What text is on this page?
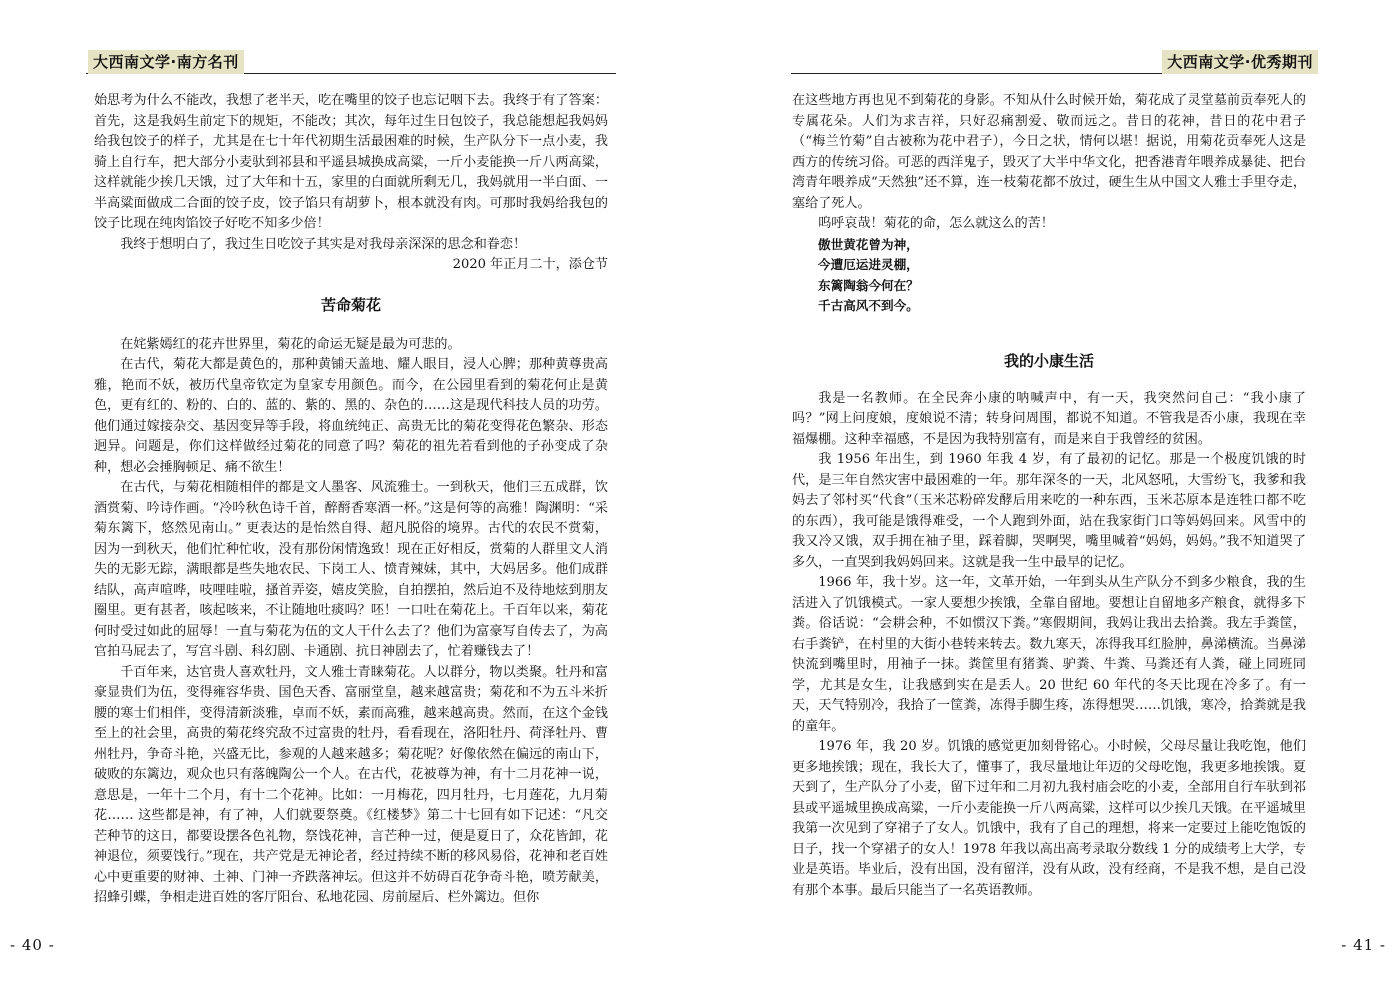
大西南文学·南方名刊

始思考为什么不能改，我想了老半天，吃在嘴里的饺子也忘记咽下去。我终于有了答案：首先，这是我妈生前定下的规矩，不能改；其次，每年过生日包饺子，我总能想起我妈妈给我包饺子的样子，尤其是在七十年代初期生活最困难的时候，生产队分下一点小麦，我骑上自行车，把大部分小麦驮到祁县和平遥县城换成高粱，一斤小麦能换一斤八两高粱，这样就能少挨几天饿，过了大年和十五，家里的白面就所剩无几，我妈就用一半白面、一半高粱面做成二合面的饺子皮，饺子馅只有胡萝卜，根本就没有肉。可那时我妈给我包的饺子比现在纯肉馅饺子好吃不知多少倍！

我终于想明白了，我过生日吃饺子其实是对我母亲深深的思念和眷恋！

2020 年正月二十，添仓节

苦命菊花

在姹紫嫣红的花卉世界里，菊花的命运无疑是最为可悲的。

在古代，菊花大都是黄色的，那种黄铺天盖地、耀人眼目，浸人心脾；那种黄尊贵高雅，艳而不妖，被历代皇帝钦定为皇家专用颜色。而今，在公园里看到的菊花何止是黄色，更有红的、粉的、白的、蓝的、紫的、黑的、杂色的……这是现代科技人员的功劳。他们通过嫁接杂交、基因变异等手段，将血统纯正、高贵无比的菊花变得花色繁杂、形态迥异。问题是，你们这样做经过菊花的同意了吗？菊花的祖先若看到他的子孙变成了杂种，想必会捶胸顿足、痛不欲生！

在古代，与菊花相随相伴的都是文人墨客、风流雅士。一到秋天，他们三五成群，饮酒赏菊、吟诗作画。“冷吟秋色诗千首，醉酹香寒酒一杯。”这是何等的高雅！陶渊明：“采菊东篱下，悠然见南山。” 更表达的是怡然自得、超凡脱俗的境界。古代的农民不赏菊，因为一到秋天，他们忙种忙收，没有那份闲情逸致！现在正好相反，赏菊的人群里文人消失的无影无踪，满眼都是些失地农民、下岗工人、愤青辣妹，其中，大妈居多。他们成群结队，高声喧哗，吱哩哇啦，搔首弄姿，嬉皮笑脸，自拍摆拍，然后迫不及待地炫到朋友圈里。更有甚者，咳起咳来，不让随地吐痰吗？呸！一口吐在菊花上。千百年以来，菊花何时受过如此的屈辱！一直与菊花为伍的文人干什么去了？他们为富豪写自传去了，为高官拍马屁去了，写宫斗剧、科幻剧、卡通剧、抗日神剧去了，忙着赚钱去了！

千百年来，达官贵人喜欢牡丹，文人雅士青睐菊花。人以群分，物以类聚。牡丹和富豪显贵们为伍，变得雍容华贵、国色天香、富丽堂皇，越来越富贵；菊花和不为五斗米折腰的寒士们相伴，变得清新淡雅，卓而不妖，素而高雅，越来越高贵。然而，在这个金钱至上的社会里，高贵的菊花终究敌不过富贵的牡丹，看看现在，洛阳牡丹、荷泽牡丹、曹州牡丹，争奇斗艳，兴盛无比，参观的人越来越多；菊花呢？好像依然在偏远的南山下，破败的东篱边，观众也只有落魄陶公一个人。在古代，花被尊为神，有十二月花神一说，意思是，一年十二个月，有十二个花神。比如：一月梅花，四月牡丹，七月莲花，九月菊花…… 这些都是神，有了神，人们就要祭奠。《红楼梦》第二十七回有如下记述：“凡交芒种节的这日，都要设摆各色礼物，祭饯花神，言芒种一过，便是夏日了，众花皆卸，花神退位，须要饯行。”现在，共产党是无神论者，经过持续不断的移风易俗，花神和老百姓心中更重要的财神、土神、门神一齐跌落神坛。但这并不妨碍百花争奇斗艳，喷芳献美，招蜂引蝶，争相走进百姓的客厅阳台、私地花园、房前屋后、栏外篱边。但你

- 40 -
大西南文学·优秀期刊

在这些地方再也见不到菊花的身影。不知从什么时候开始，菊花成了灵堂墓前贡奉死人的专属花朵。人们为求吉祥，只好忍痛割爱、敬而远之。昔日的花神，昔日的花中君子（“梅兰竹菊”自古被称为花中君子），今日之状，情何以堪！据说，用菊花贡奉死人这是西方的传统习俗。可恶的西洋鬼子，毁灭了大半中华文化，把香港青年喂养成暴徒、把台湾青年喂养成“天然独”还不算，连一枝菊花都不放过，硬生生从中国文人雅士手里夺走，塞给了死人。

呜呼哀哉！菊花的命，怎么就这么的苦！

傲世黄花曾为神，
今遭厄运进灵棚，
东篱陶翁今何在？
千古高风不到今。
我的小康生活

我是一名教师。在全民奔小康的呐喊声中，有一天，我突然问自己：“我小康了吗？”网上问度娘，度娘说不清；转身问周围，都说不知道。不管我是否小康，我现在幸福爆棚。这种幸福感，不是因为我特别富有，而是来自于我曾经的贫困。

我 1956 年出生，到 1960 年我 4 岁，有了最初的记忆。那是一个极度饥饿的时代，是三年自然灾害中最困难的一年。那年深冬的一天，北风怒吼，大雪纷飞，我爹和我妈去了邻村买“代食”（玉米芯粉碎发酵后用来吃的一种东西，玉米芯原本是连牲口都不吃的东西），我可能是饿得难受，一个人跑到外面，站在我家街门口等妈妈回来。风雪中的我又冷又饿，双手拥在袖子里，踩着脚，哭啊哭，嘴里喊着“妈妈，妈妈。”我不知道哭了多久，一直哭到我妈妈回来。这就是我一生中最早的记忆。

1966 年，我十岁。这一年，文革开始，一年到头从生产队分不到多少粮食，我的生活进入了饥饿模式。一家人要想少挨饿，全靠自留地。要想让自留地多产粮食，就得多下粪。俗话说：“会耕会种，不如惯汉下粪。”寒假期间，我妈让我出去拾粪。我左手粪筐，右手粪铲，在村里的大街小巷转来转去。数九寒天，冻得我耳红脸肿，鼻涕横流。当鼻涕快流到嘴里时，用袖子一抹。粪筐里有猪粪、驴粪、牛粪、马粪还有人粪，碰上同班同学，尤其是女生，让我感到实在是丢人。20 世纪 60 年代的冬天比现在冷多了。有一天，天气特别冷，我拾了一筐粪，冻得手脚生疼，冻得想哭……饥饿，寒冷，拾粪就是我的童年。

1976 年，我 20 岁。饥饿的感觉更加刻骨铭心。小时候，父母尽量让我吃饱，他们更多地挨饿；现在，我长大了，懂事了，我尽量地让年迈的父母吃饱，我更多地挨饿。夏天到了，生产队分了小麦，留下过年和二月初九我村庙会吃的小麦，全部用自行车驮到祁县或平遥城里换成高粱，一斤小麦能换一斤八两高粱，这样可以少挨几天饿。在平遥城里我第一次见到了穿裙子了女人。饥饿中，我有了自己的理想，将来一定要过上能吃饱饭的日子，找一个穿裙子的女人！1978 年我以高出高考录取分数线 1 分的成绩考上大学，专业是英语。毕业后，没有出国，没有留洋，没有从政，没有经商，不是我不想，是自己没有那个本事。最后只能当了一名英语教师。

- 41 -
